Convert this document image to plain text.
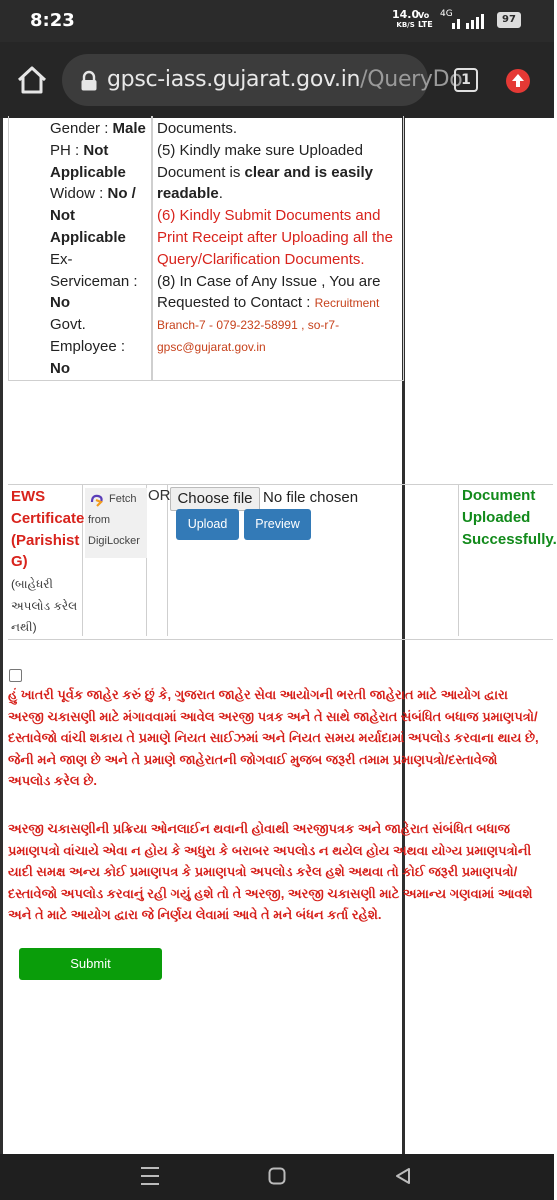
8:23	14.0
KB/S
Vo LTE
4G	97
gpsc-iass.gujarat.gov.in/QueryDo
1
Gender : Male
PH : Not Applicable
Widow : No / Not Applicable
Ex-Serviceman : No
Govt. Employee : No
Documents.
(5) Kindly make sure Uploaded Document is clear and is easily readable.
(6) Kindly Submit Documents and Print Receipt after Uploading all the Query/Clarification Documents.
(8) In Case of Any Issue , You are Requested to Contact : Recruitment Branch-7 - 079-232-58991 , so-r7-gpsc@gujarat.gov.in
EWS Certificate (Parishist G)
(બાહેધરી અપલોડ કરેલ નથી)
Fetch from DigiLocker
OR Choose file No file chosen
Upload	Preview
Document Uploaded Successfully.
હું ખાતરી પૂર્વક જાહેર કરું છું કે, ગુજરાત જાહેર સેવા આયોગની ભરતી જાહેરાત માટે આયોગ દ્વારા અરજી ચકાસણી માટે મંગાવવામાં આવેલ અરજી પત્રક અને તે સાથે જાહેરાત સંબંધિત બધાજ પ્રમાણપત્રો/દસ્તાવેજો વાંચી શકાય તે પ્રમાણે નિયત સાઈઝમાં અને નિયત સમય મર્યાદામાં અપલોડ કરવાના થાય છે, જેની મને જાણ છે અને તે પ્રમાણે જાહેરાતની જોગવાઈ મુજબ જરૂરી તમામ પ્રમાણપત્રો/દસ્તાવેજો અપલોડ કરેલ છે.
અરજી ચકાસણીની પ્રક્રિયા ઓનલાઈન થવાની હોવાથી અરજીપત્રક અને જાહેરાત સંબંધિત બધાજ પ્રમાણપત્રો વાંચાયે એવા ન હોય કે અધુરા કે બરાબર અપલોડ ન થયેલ હોય અથવા યોગ્ય પ્રમાણપત્રોની યાદી સમક્ષ અન્ય કોઈ પ્રમાણપત્ર કે પ્રમાણપત્રો અપલોડ કરેલ હશે અથવા તો કોઈ જરૂરી પ્રમાણપત્રો/દસ્તાવેજો અપલોડ કરવાનું રહી ગયું હશે તો તે અરજી, અરજી ચકાસણી માટે અમાન્ય ગણવામાં આવશે અને તે માટે આયોગ દ્વારા જે નિર્ણય લેવામાં આવે તે મને બંધન કર્તા રહેશે.
Submit
